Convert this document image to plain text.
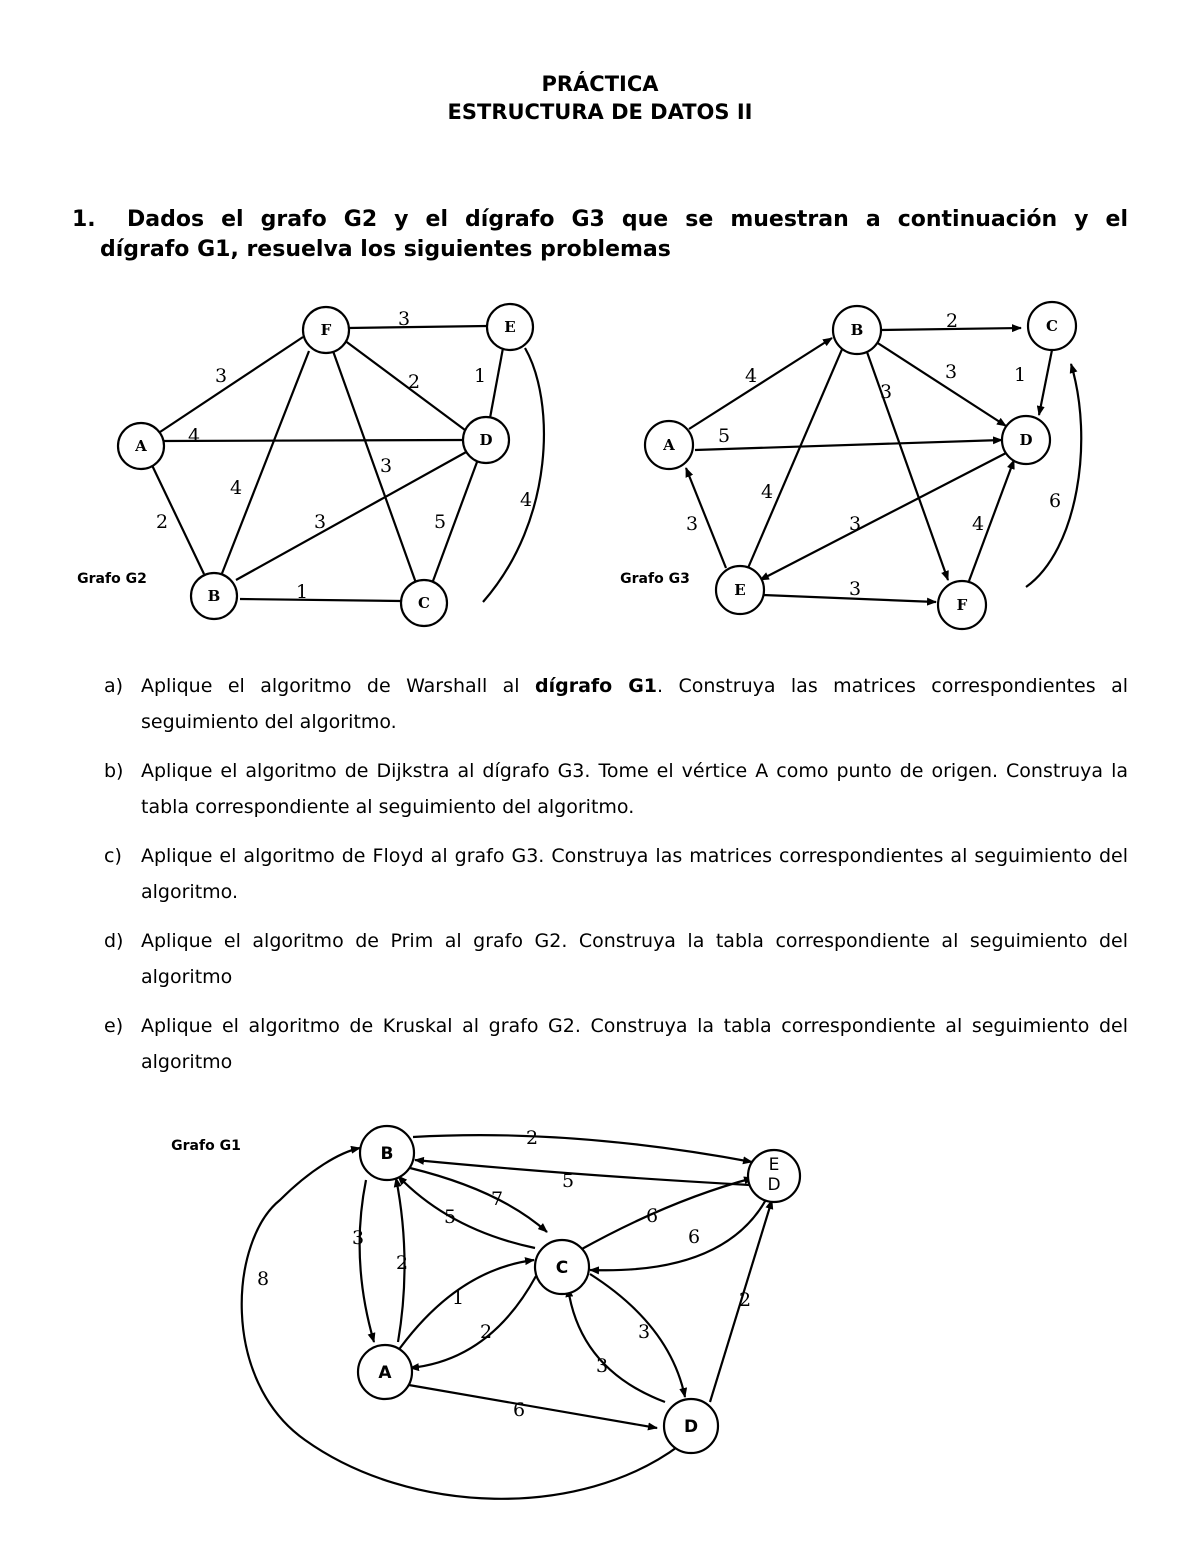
PRÁCTICA
ESTRUCTURA DE DATOS II
1. Dados el grafo G2 y el dígrafo G3 que se muestran a continuación y el
dígrafo G1, resuelva los siguientes problemas
F	E
A	D
B	C
3
3	2	1
4
4
3
2	3	5
1
4
Grafo G2
B	C
A	D
E
F
2
4	3	1
5
3
4
3	3	4
3
6
Grafo G3
a) Aplique el algoritmo de Warshall al dígrafo G1. Construya las matrices correspondientes al seguimiento del algoritmo.
b) Aplique el algoritmo de Dijkstra al dígrafo G3. Tome el vértice A como punto de origen. Construya la tabla correspondiente al seguimiento del algoritmo.
c) Aplique el algoritmo de Floyd al grafo G3. Construya las matrices correspondientes al seguimiento del algoritmo.
d) Aplique el algoritmo de Prim al grafo G2. Construya la tabla correspondiente al seguimiento del algoritmo
e) Aplique el algoritmo de Kruskal al grafo G2. Construya la tabla correspondiente al seguimiento del algoritmo
B
E D
C
A
D
2
5
7
5
3
2
1
2
6
6
3
3
6
2
8
Grafo G1
